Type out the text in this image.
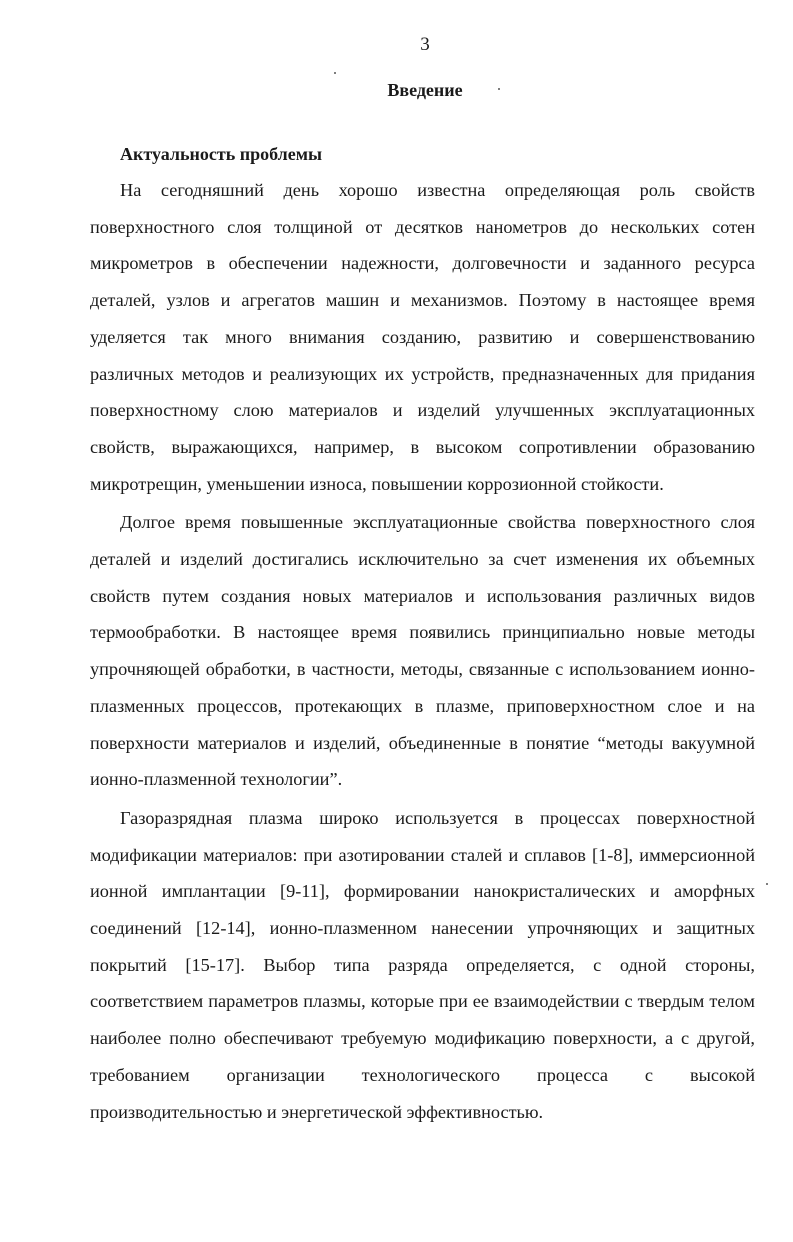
3
Введение
Актуальность проблемы

На сегодняшний день хорошо известна определяющая роль свойств поверхностного слоя толщиной от десятков нанометров до нескольких сотен микрометров в обеспечении надежности, долговечности и заданного ресурса деталей, узлов и агрегатов машин и механизмов. Поэтому в настоящее время уделяется так много внимания созданию, развитию и совершенствованию различных методов и реализующих их устройств, предназначенных для придания поверхностному слою материалов и изделий улучшенных эксплуатационных свойств, выражающихся, например, в высоком сопротивлении образованию микротрещин, уменьшении износа, повышении коррозионной стойкости.

Долгое время повышенные эксплуатационные свойства поверхностного слоя деталей и изделий достигались исключительно за счет изменения их объемных свойств путем создания новых материалов и использования различных видов термообработки. В настоящее время появились принципиально новые методы упрочняющей обработки, в частности, методы, связанные с использованием ионно-плазменных процессов, протекающих в плазме, приповерхностном слое и на поверхности материалов и изделий, объединенные в понятие “методы вакуумной ионно-плазменной технологии”.

Газоразрядная плазма широко используется в процессах поверхностной модификации материалов: при азотировании сталей и сплавов [1-8], иммерсионной ионной имплантации [9-11], формировании нанокристалических и аморфных соединений [12-14], ионно-плазменном нанесении упрочняющих и защитных покрытий [15-17]. Выбор типа разряда определяется, с одной стороны, соответствием параметров плазмы, которые при ее взаимодействии с твердым телом наиболее полно обеспечивают требуемую модификацию поверхности, а с другой, требованием организации технологического процесса с высокой производительностью и энергетической эффективностью.
